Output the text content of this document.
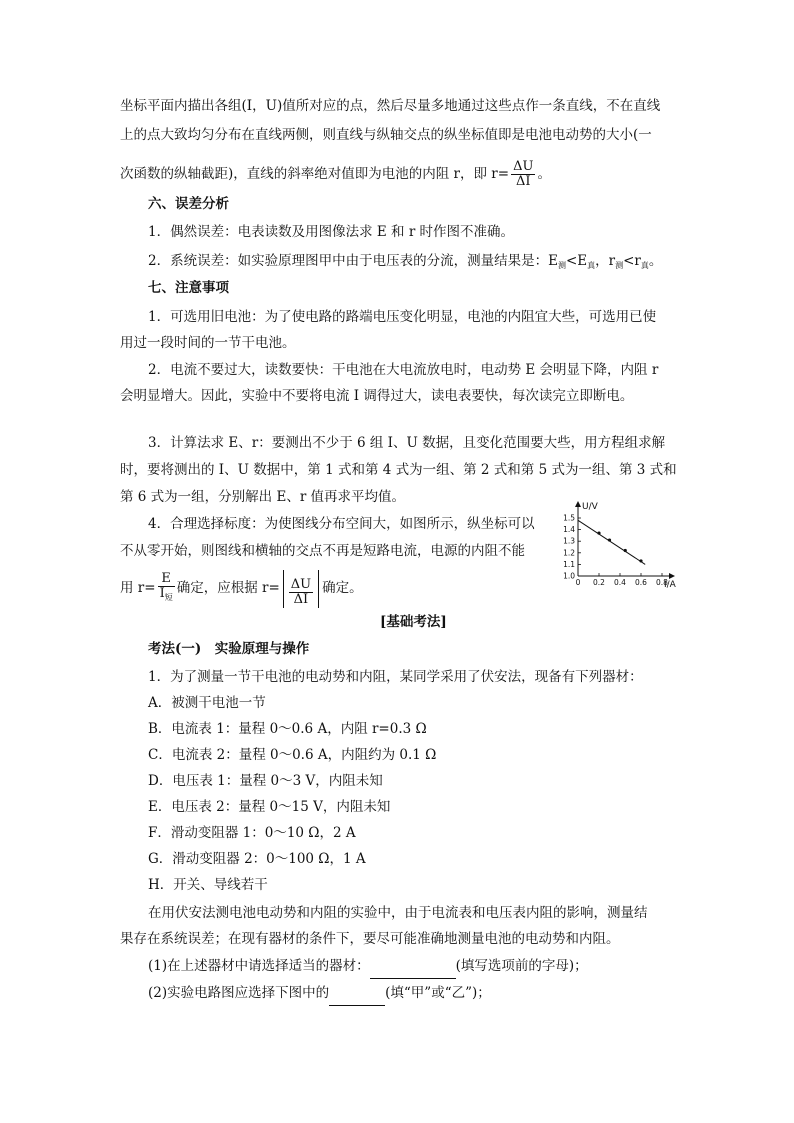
坐标平面内描出各组(I，U)值所对应的点，然后尽量多地通过这些点作一条直线，不在直线
上的点大致均匀分布在直线两侧，则直线与纵轴交点的纵坐标值即是电池电动势的大小(一
次函数的纵轴截距)，直线的斜率绝对值即为电池的内阻 r，即 $r= \frac{\Delta U}{\Delta I}$ 。
六、误差分析
1．偶然误差：电表读数及用图像法求 E 和 r 时作图不准确。
2．系统误差：如实验原理图甲中由于电压表的分流，测量结果是：$E_测<E_真$，$r_测<r_真$。
七、注意事项
1．可选用旧电池：为了使电路的路端电压变化明显，电池的内阻宜大些，可选用已使
用过一段时间的一节干电池。
2．电流不要过大，读数要快：干电池在大电流放电时，电动势 E 会明显下降，内阻 r
会明显增大。因此，实验中不要将电流 I 调得过大，读电表要快，每次读完立即断电。
3．计算法求 E、r：要测出不少于 6 组 I、U 数据，且变化范围要大些，用方程组求解
时，要将测出的 I、U 数据中，第 1 式和第 4 式为一组、第 2 式和第 5 式为一组、第 3 式和
第 6 式为一组，分别解出 E、r 值再求平均值。
4．合理选择标度：为使图线分布空间大，如图所示，纵坐标可以
不从零开始，则图线和横轴的交点不再是短路电流，电源的内阻不能
用 $r= \frac{E}{I_短}$ 确定，应根据 $r= \frac{\Delta U}{\Delta I}$ 确定。
U/V
I/A
0 0.2 0.4 0.6 0.8
1.0
1.1
1.2
1.3
1.4
1.5
[基础考法]
考法(一)　实验原理与操作
1．为了测量一节干电池的电动势和内阻，某同学采用了伏安法，现备有下列器材：
A．被测干电池一节
B．电流表 1：量程 0～0.6 A，内阻 r=0.3 Ω
C．电流表 2：量程 0～0.6 A，内阻约为 0.1 Ω
D．电压表 1：量程 0～3 V，内阻未知
E．电压表 2：量程 0～15 V，内阻未知
F．滑动变阻器 1：0～10 Ω，2 A
G．滑动变阻器 2：0～100 Ω，1 A
H．开关、导线若干
在用伏安法测电池电动势和内阻的实验中，由于电流表和电压表内阻的影响，测量结
果存在系统误差；在现有器材的条件下，要尽可能准确地测量电池的电动势和内阻。
(1)在上述器材中请选择适当的器材：	(填写选项前的字母)；
(2)实验电路图应选择下图中的	(填“甲”或“乙”)；
